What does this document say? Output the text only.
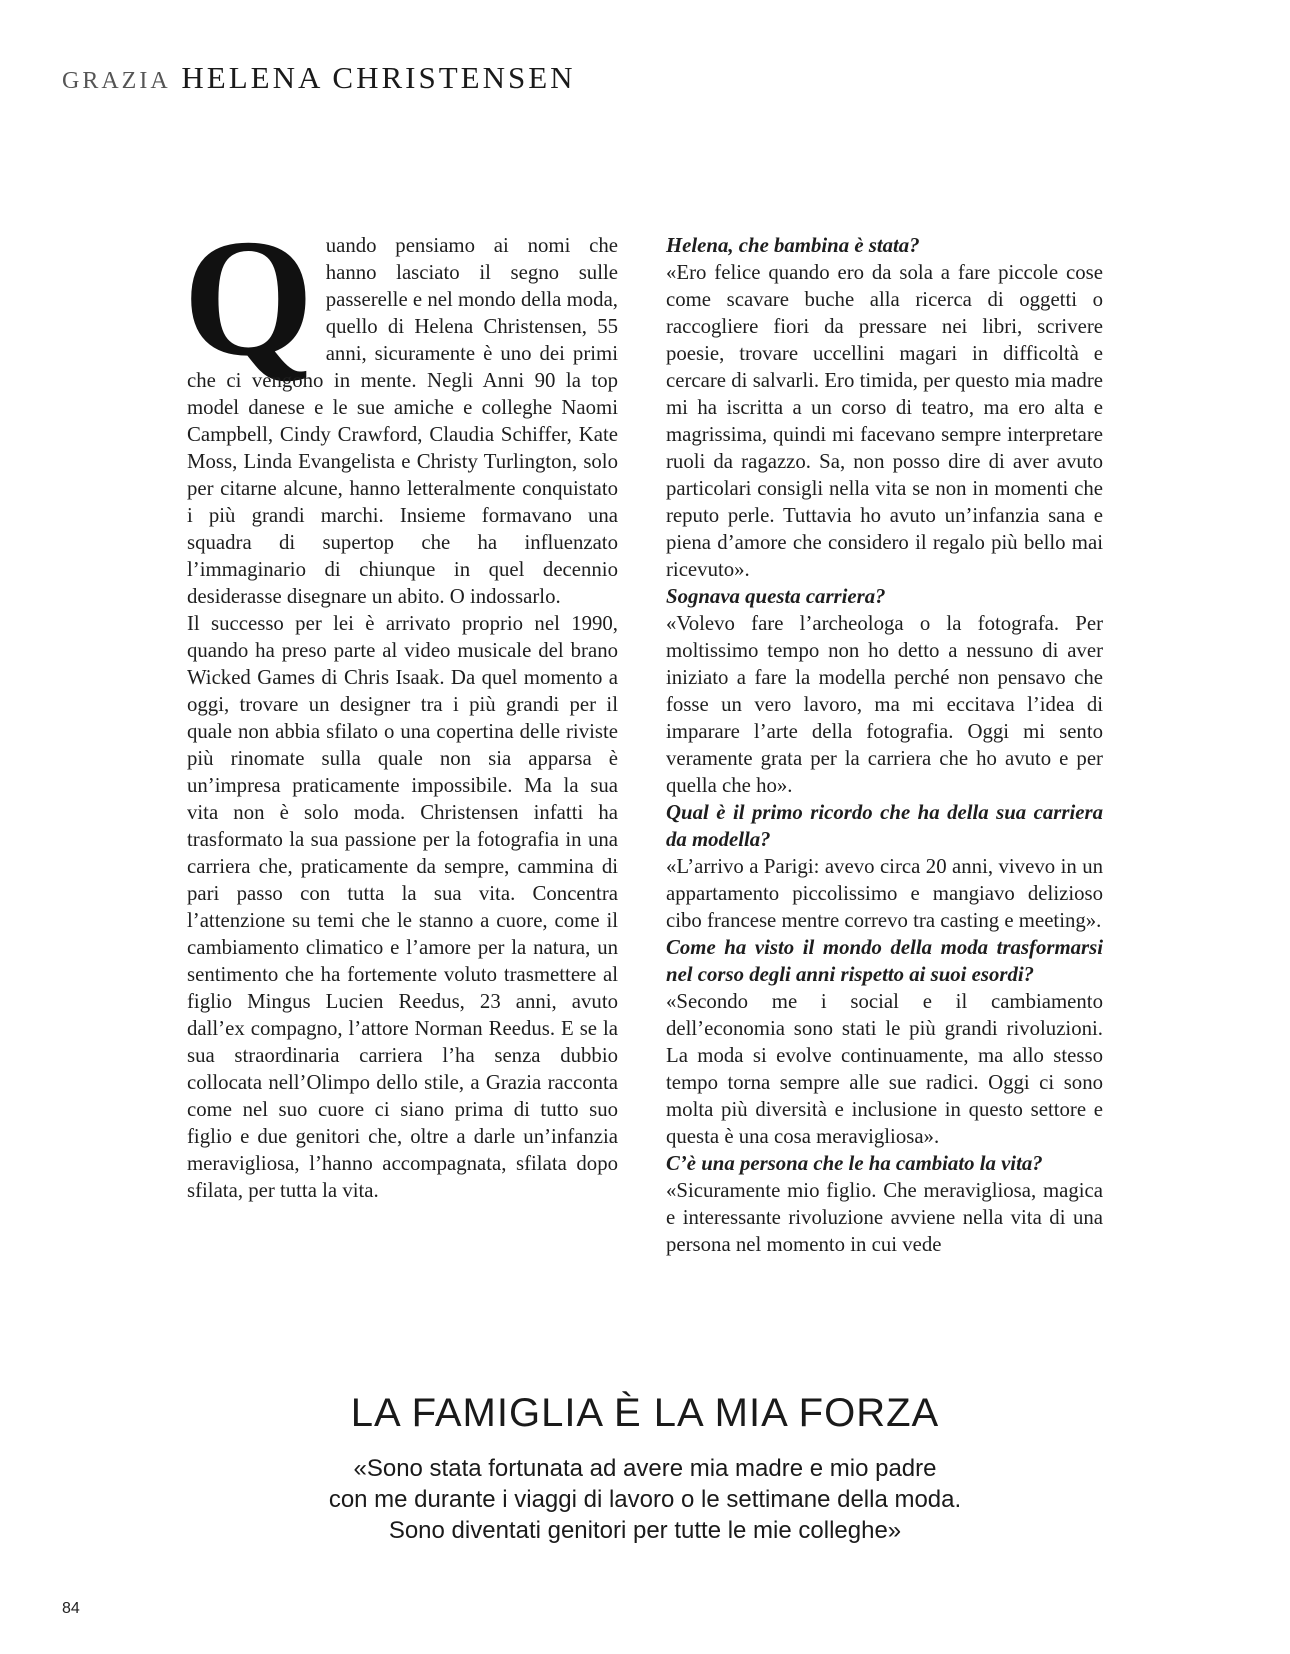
GRAZIA HELENA CHRISTENSEN
Q uando pensiamo ai nomi che hanno lasciato il segno sulle passerelle e nel mondo della moda, quello di Helena Christensen, 55 anni, sicuramente è uno dei primi che ci vengono in mente. Negli Anni 90 la top model danese e le sue amiche e colleghe Naomi Campbell, Cindy Crawford, Claudia Schiffer, Kate Moss, Linda Evangelista e Christy Turlington, solo per citarne alcune, hanno letteralmente conquistato i più grandi marchi. Insieme formavano una squadra di supertop che ha influenzato l’immaginario di chiunque in quel decennio desiderasse disegnare un abito. O indossarlo.

Il successo per lei è arrivato proprio nel 1990, quando ha preso parte al video musicale del brano Wicked Games di Chris Isaak. Da quel momento a oggi, trovare un designer tra i più grandi per il quale non abbia sfilato o una copertina delle riviste più rinomate sulla quale non sia apparsa è un’impresa praticamente impossibile. Ma la sua vita non è solo moda. Christensen infatti ha trasformato la sua passione per la fotografia in una carriera che, praticamente da sempre, cammina di pari passo con tutta la sua vita. Concentra l’attenzione su temi che le stanno a cuore, come il cambiamento climatico e l’amore per la natura, un sentimento che ha fortemente voluto trasmettere al figlio Mingus Lucien Reedus, 23 anni, avuto dall’ex compagno, l’attore Norman Reedus. E se la sua straordinaria carriera l’ha senza dubbio collocata nell’Olimpo dello stile, a Grazia racconta come nel suo cuore ci siano prima di tutto suo figlio e due genitori che, oltre a darle un’infanzia meravigliosa, l’hanno accompagnata, sfilata dopo sfilata, per tutta la vita.

Helena, che bambina è stata?

«Ero felice quando ero da sola a fare piccole cose come scavare buche alla ricerca di oggetti o raccogliere fiori da pressare nei libri, scrivere poesie, trovare uccellini magari in difficoltà e cercare di salvarli. Ero timida, per questo mia madre mi ha iscritta a un corso di teatro, ma ero alta e magrissima, quindi mi facevano sempre interpretare ruoli da ragazzo. Sa, non posso dire di aver avuto particolari consigli nella vita se non in momenti che reputo perle. Tuttavia ho avuto un’infanzia sana e piena d’amore che considero il regalo più bello mai ricevuto».

Sognava questa carriera?

«Volevo fare l’archeologa o la fotografa. Per moltissimo tempo non ho detto a nessuno di aver iniziato a fare la modella perché non pensavo che fosse un vero lavoro, ma mi eccitava l’idea di imparare l’arte della fotografia. Oggi mi sento veramente grata per la carriera che ho avuto e per quella che ho».

Qual è il primo ricordo che ha della sua carriera da modella?

«L’arrivo a Parigi: avevo circa 20 anni, vivevo in un appartamento piccolissimo e mangiavo delizioso cibo francese mentre correvo tra casting e meeting».

Come ha visto il mondo della moda trasformarsi nel corso degli anni rispetto ai suoi esordi?

«Secondo me i social e il cambiamento dell’economia sono stati le più grandi rivoluzioni. La moda si evolve continuamente, ma allo stesso tempo torna sempre alle sue radici. Oggi ci sono molta più diversità e inclusione in questo settore e questa è una cosa meravigliosa».

C’è una persona che le ha cambiato la vita?

«Sicuramente mio figlio. Che meravigliosa, magica e interessante rivoluzione avviene nella vita di una persona nel momento in cui vede

LA FAMIGLIA È LA MIA FORZA
«Sono stata fortunata ad avere mia madre e mio padre
con me durante i viaggi di lavoro o le settimane della moda.
Sono diventati genitori per tutte le mie colleghe»
84
